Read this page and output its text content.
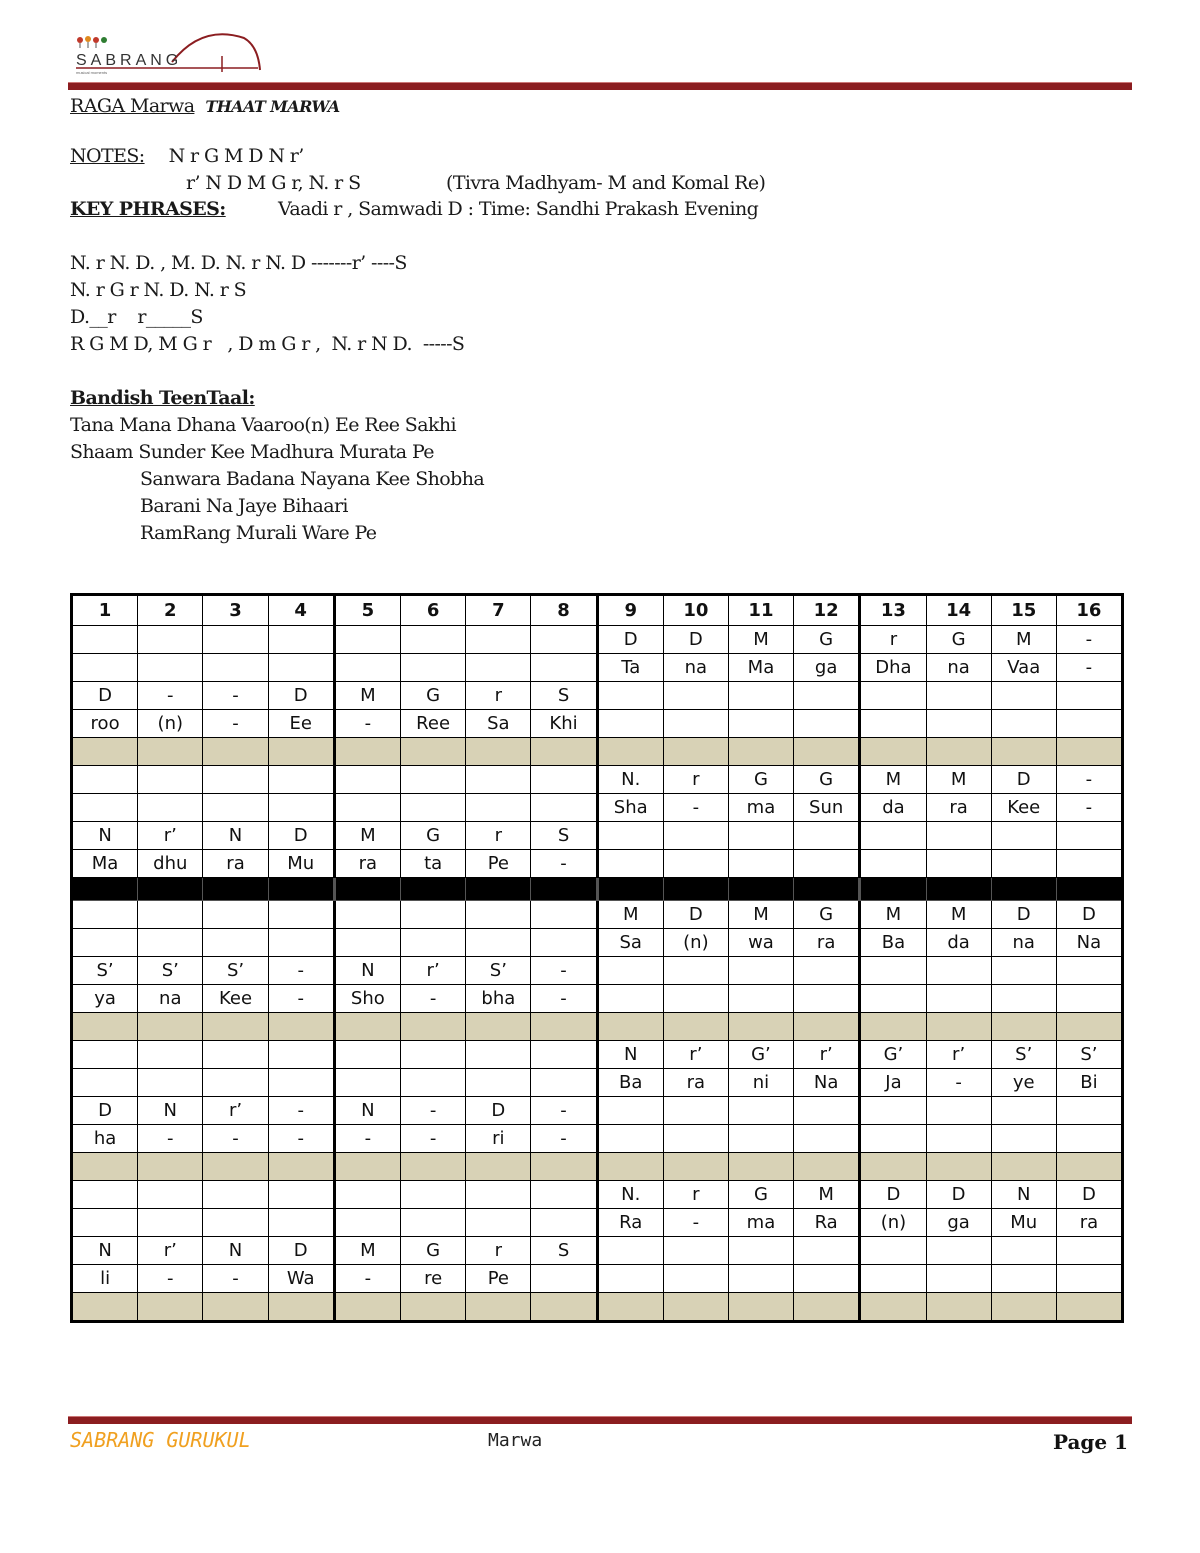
SABRANG
musical moments
RAGA Marwa THAAT MARWA
NOTES: N r G M D N r’
r’ N D M G r, N. r S	(Tivra Madhyam- M and Komal Re)
KEY PHRASES:	Vaadi r , Samwadi D : Time: Sandhi Prakash Evening
N. r N. D. , M. D. N. r N. D -------r’ ----S
N. r G r N. D. N. r S
D.__r    r_____S
R G M D, M G r   , D m G r ,  N. r N D.  -----S
Bandish TeenTaal:
Tana Mana Dhana Vaaroo(n) Ee Ree Sakhi
Shaam Sunder Kee Madhura Murata Pe
Sanwara Badana Nayana Kee Shobha
Barani Na Jaye Bihaari
RamRang Murali Ware Pe
1	2	3	4	5	6	7	8	9	10	11	12	13	14	15	16
								D	D	M	G	r	G	M	-
								Ta	na	Ma	ga	Dha	na	Vaa	-
D	-	-	D	M	G	r	S								
roo	(n)	-	Ee	-	Ree	Sa	Khi								

								N.	r	G	G	M	M	D	-
								Sha	-	ma	Sun	da	ra	Kee	-
N	r’	N	D	M	G	r	S								
Ma	dhu	ra	Mu	ra	ta	Pe	-								

								M	D	M	G	M	M	D	D
								Sa	(n)	wa	ra	Ba	da	na	Na
S’	S’	S’	-	N	r’	S’	-								
ya	na	Kee	-	Sho	-	bha	-								

								N	r’	G’	r’	G’	r’	S’	S’
								Ba	ra	ni	Na	Ja	-	ye	Bi
D	N	r’	-	N	-	D	-								
ha	-	-	-	-	-	ri	-								

								N.	r	G	M	D	D	N	D
								Ra	-	ma	Ra	(n)	ga	Mu	ra
N	r’	N	D	M	G	r	S								
li	-	-	Wa	-	re	Pe									

SABRANG GURUKUL	Marwa	Page 1
